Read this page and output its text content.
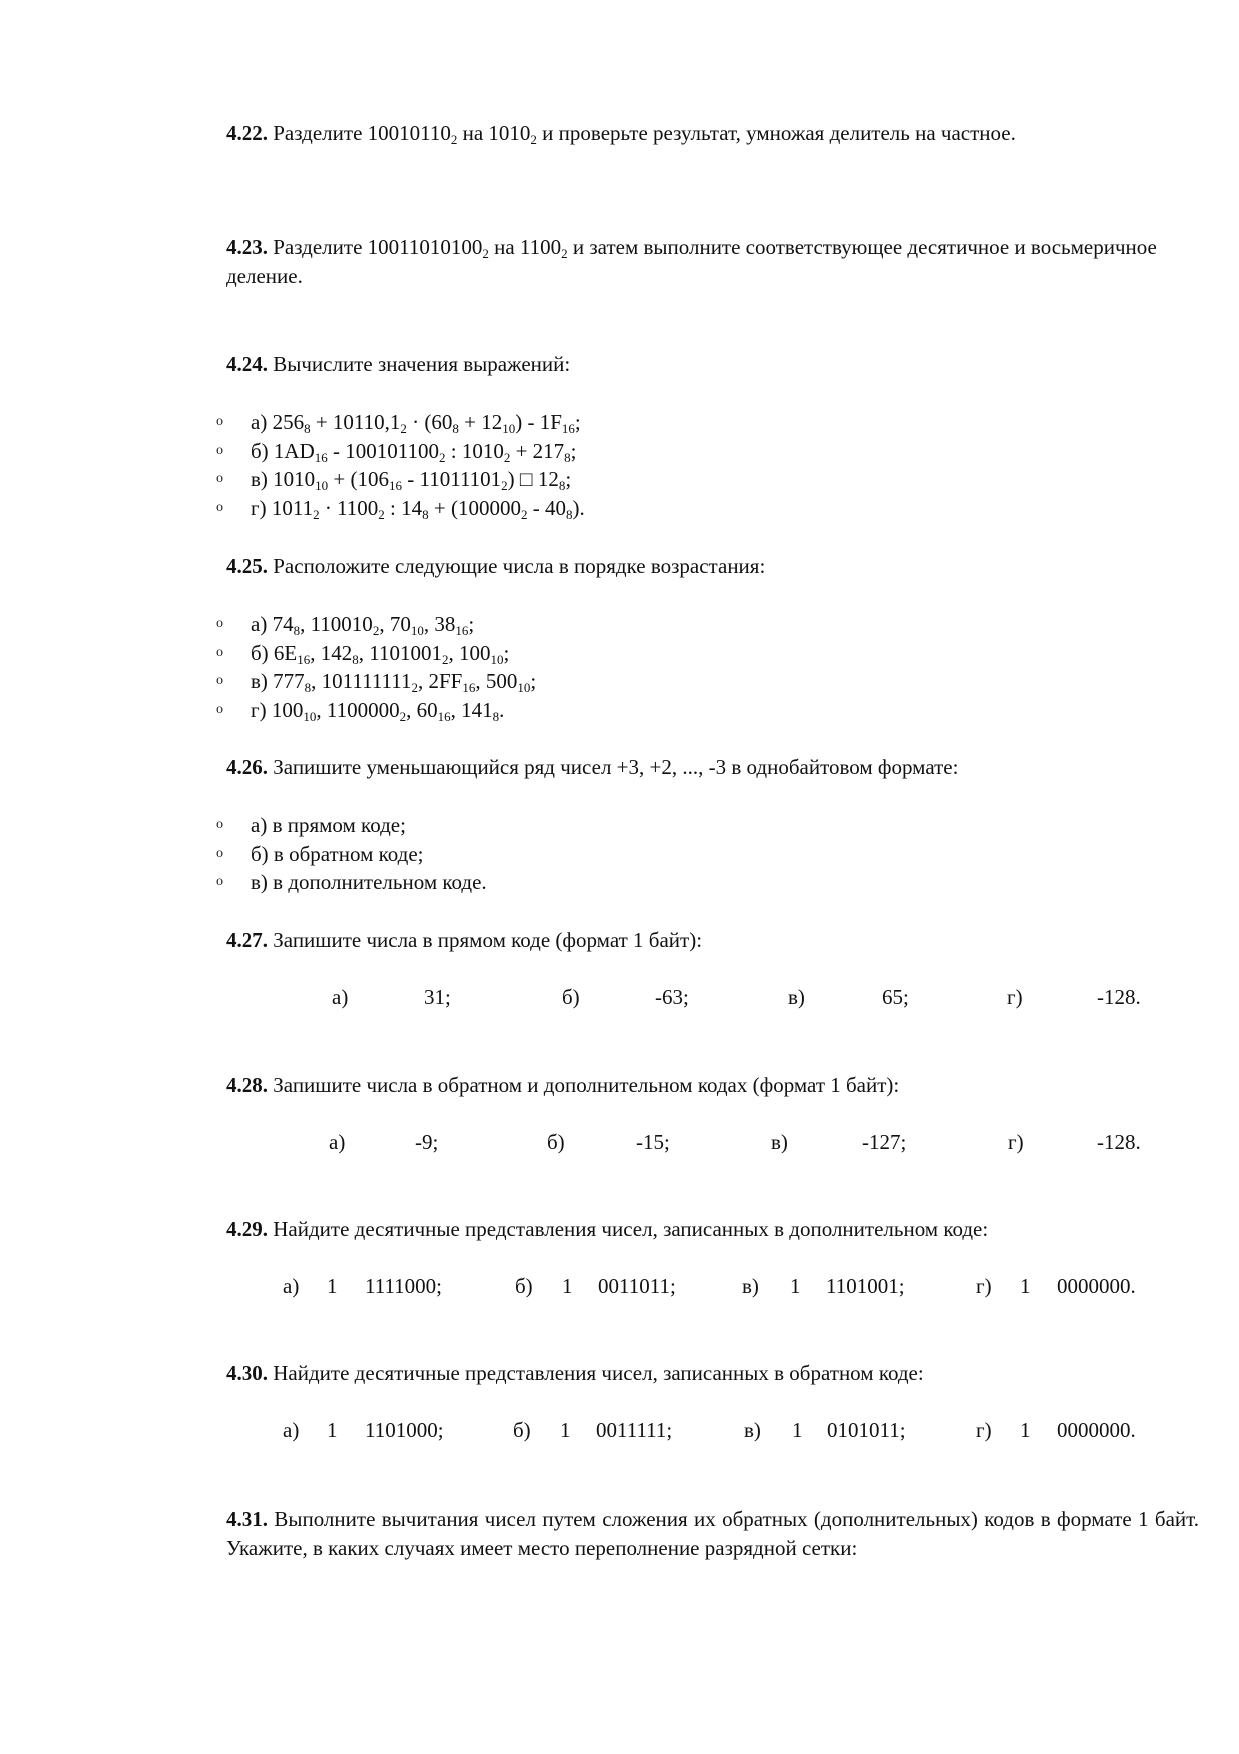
4.22. Разделите $10010110_2$ на $1010_2$ и проверьте результат, умножая делитель на частное.
4.23. Разделите $10011010100_2$ на $1100_2$ и затем выполните соответствующее десятичное и восьмеричное деление.
4.24. Вычислите значения выражений:
o а) $256_8 + 10110,1_2 \cdot (60_8 + 12_{10}) - 1F_{16}$;
o б) $1AD_{16} - 100101100_2$ : $1010_2 + 217_8$;
o в) $1010_{10} + (106_{16} - 11011101_2)$ □ $12_8$;
o г) $1011_2 \cdot 1100_2$ : $14_8 + (100000_2 - 40_8)$.
4.25. Расположите следующие числа в порядке возрастания:
o а) $74_8$, $110010_2$, $70_{10}$, $38_{16}$;
o б) $6E_{16}$, $142_8$, $1101001_2$, $100_{10}$;
o в) $777_8$, $101111111_2$, $2FF_{16}$, $500_{10}$;
o г) $100_{10}$, $1100000_2$, $60_{16}$, $141_8$.
4.26. Запишите уменьшающийся ряд чисел +3, +2, ..., -3 в однобайтовом формате:
o а) в прямом коде;
o б) в обратном коде;
o в) в дополнительном коде.
4.27. Запишите числа в прямом коде (формат 1 байт):
а)	31;	б)	-63;	в)	65;	г)	-128.
4.28. Запишите числа в обратном и дополнительном кодах (формат 1 байт):
а)	-9;	б)	-15;	в)	-127;	г)	-128.
4.29. Найдите десятичные представления чисел, записанных в дополнительном коде:
а) 1 1111000;	б) 1 0011011;	в) 1 1101001;	г) 1 0000000.
4.30. Найдите десятичные представления чисел, записанных в обратном коде:
а) 1 1101000;	б) 1 0011111;	в) 1 0101011;	г) 1 0000000.
4.31. Выполните вычитания чисел путем сложения их обратных (дополнительных) кодов в формате 1 байт. Укажите, в каких случаях имеет место переполнение разрядной сетки:
